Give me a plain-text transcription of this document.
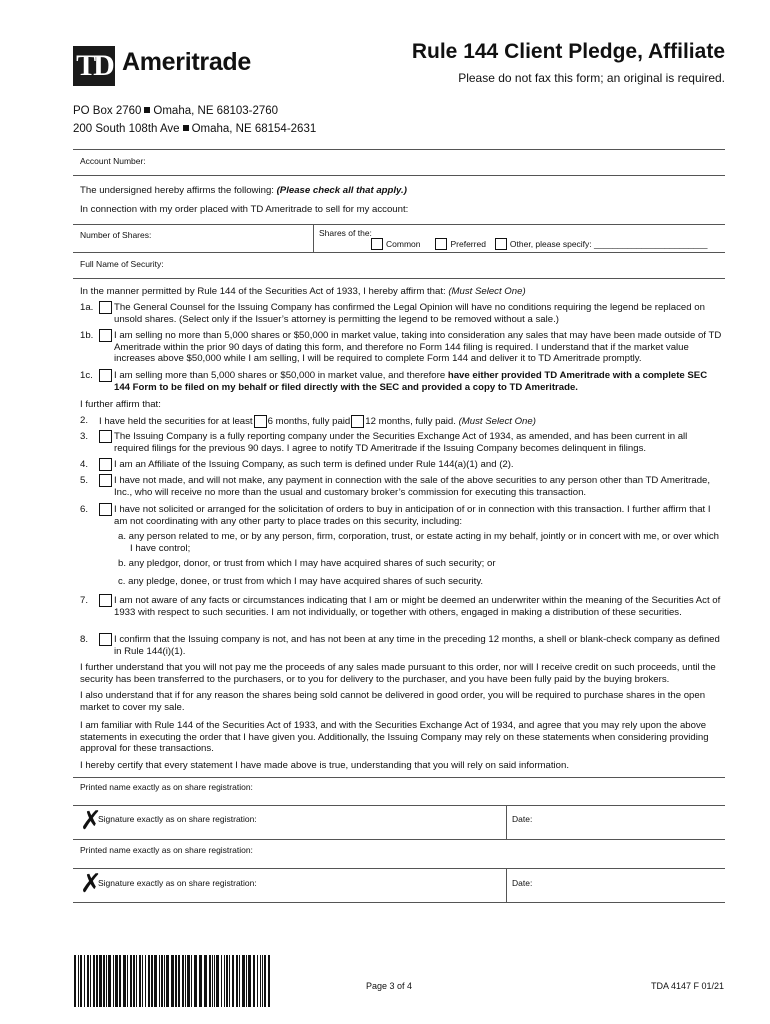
TD Ameritrade	Rule 144 Client Pledge, Affiliate
Please do not fax this form; an original is required.
PO Box 2760 Omaha, NE 68103-2760
200 South 108th Ave Omaha, NE 68154-2631
Account Number:
The undersigned hereby affirms the following: (Please check all that apply.)
In connection with my order placed with TD Ameritrade to sell for my account:
Number of Shares:	Shares of the:
Common	Preferred	Other, please specify: ________________________
Full Name of Security:
In the manner permitted by Rule 144 of the Securities Act of 1933, I hereby affirm that: (Must Select One)
1a. The General Counsel for the Issuing Company has confirmed the Legal Opinion will have no conditions requiring the legend be replaced on unsold shares. (Select only if the Issuer’s attorney is permitting the legend to be removed without a sale.)
1b. I am selling no more than 5,000 shares or $50,000 in market value, taking into consideration any sales that may have been made outside of TD Ameritrade within the prior 90 days of dating this form, and therefore no Form 144 filing is required. I understand that if the market value increases above $50,000 while I am selling, I will be required to complete Form 144 and deliver it to TD Ameritrade promptly.
1c. I am selling more than 5,000 shares or $50,000 in market value, and therefore have either provided TD Ameritrade with a complete SEC 144 Form to be filed on my behalf or filed directly with the SEC and provided a copy to TD Ameritrade.
I further affirm that:
2. I have held the securities for at least 6 months, fully paid 12 months, fully paid. (Must Select One)
3.	The Issuing Company is a fully reporting company under the Securities Exchange Act of 1934, as amended, and has been current in all required filings for the previous 90 days. I agree to notify TD Ameritrade if the Issuing Company becomes delinquent in filings.
4.	I am an Affiliate of the Issuing Company, as such term is defined under Rule 144(a)(1) and (2).
5.	I have not made, and will not make, any payment in connection with the sale of the above securities to any person other than TD Ameritrade, Inc., who will receive no more than the usual and customary broker’s commission for executing this transaction.
6.	I have not solicited or arranged for the solicitation of orders to buy in anticipation of or in connection with this transaction. I further affirm that I am not coordinating with any other party to place trades on this security, including:
a. any person related to me, or by any person, firm, corporation, trust, or estate acting in my behalf, jointly or in concert with me, or over which I have control;
b. any pledgor, donor, or trust from which I may have acquired shares of such security; or
c. any pledge, donee, or trust from which I may have acquired shares of such security.
7.	I am not aware of any facts or circumstances indicating that I am or might be deemed an underwriter within the meaning of the Securities Act of 1933 with respect to such securities. I am not individually, or together with others, engaged in making a distribution of these securities.
8.	I confirm that the Issuing company is not, and has not been at any time in the preceding 12 months, a shell or blank-check company as defined in Rule 144(i)(1).
I further understand that you will not pay me the proceeds of any sales made pursuant to this order, nor will I receive credit on such proceeds, until the security has been transferred to the purchasers, or to you for delivery to the purchaser, and you have been fully paid by the buying brokers.
I also understand that if for any reason the shares being sold cannot be delivered in good order, you will be required to purchase shares in the open market to cover my sale.
I am familiar with Rule 144 of the Securities Act of 1933, and with the Securities Exchange Act of 1934, and agree that you may rely upon the above statements in executing the order that I have given you. Additionally, the Issuing Company may rely on these statements when considering providing approval for these transactions.
I hereby certify that every statement I have made above is true, understanding that you will rely on said information.
Printed name exactly as on share registration:
✗
Signature exactly as on share registration:	Date:
Printed name exactly as on share registration:
✗
Signature exactly as on share registration:	Date:
Page 3 of 4	TDA 4147 F 01/21
